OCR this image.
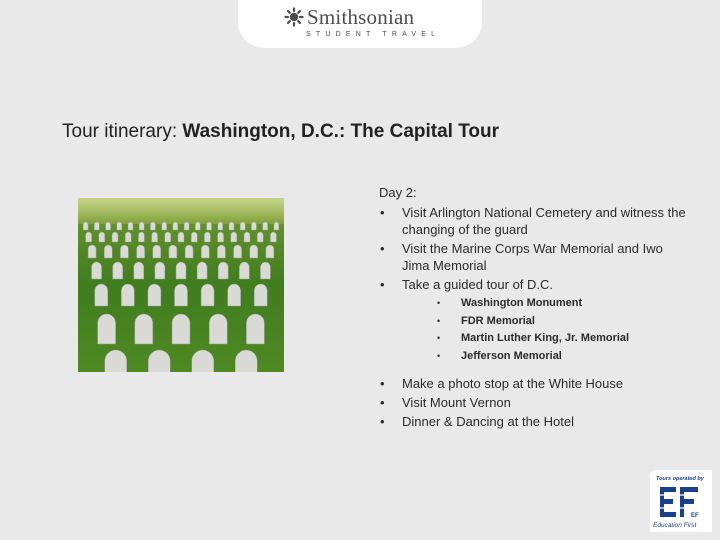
Smithsonian
STUDENT TRAVEL
Tour itinerary: Washington, D.C.: The Capital Tour
Day 2:
• Visit Arlington National Cemetery and witness the changing of the guard
• Visit the Marine Corps War Memorial and Iwo Jima Memorial
• Take a guided tour of D.C.
• Washington Monument
• FDR Memorial
• Martin Luther King, Jr. Memorial
• Jefferson Memorial
• Make a photo stop at the White House
• Visit Mount Vernon
• Dinner & Dancing at the Hotel
Tours operated by
EF
Education First
